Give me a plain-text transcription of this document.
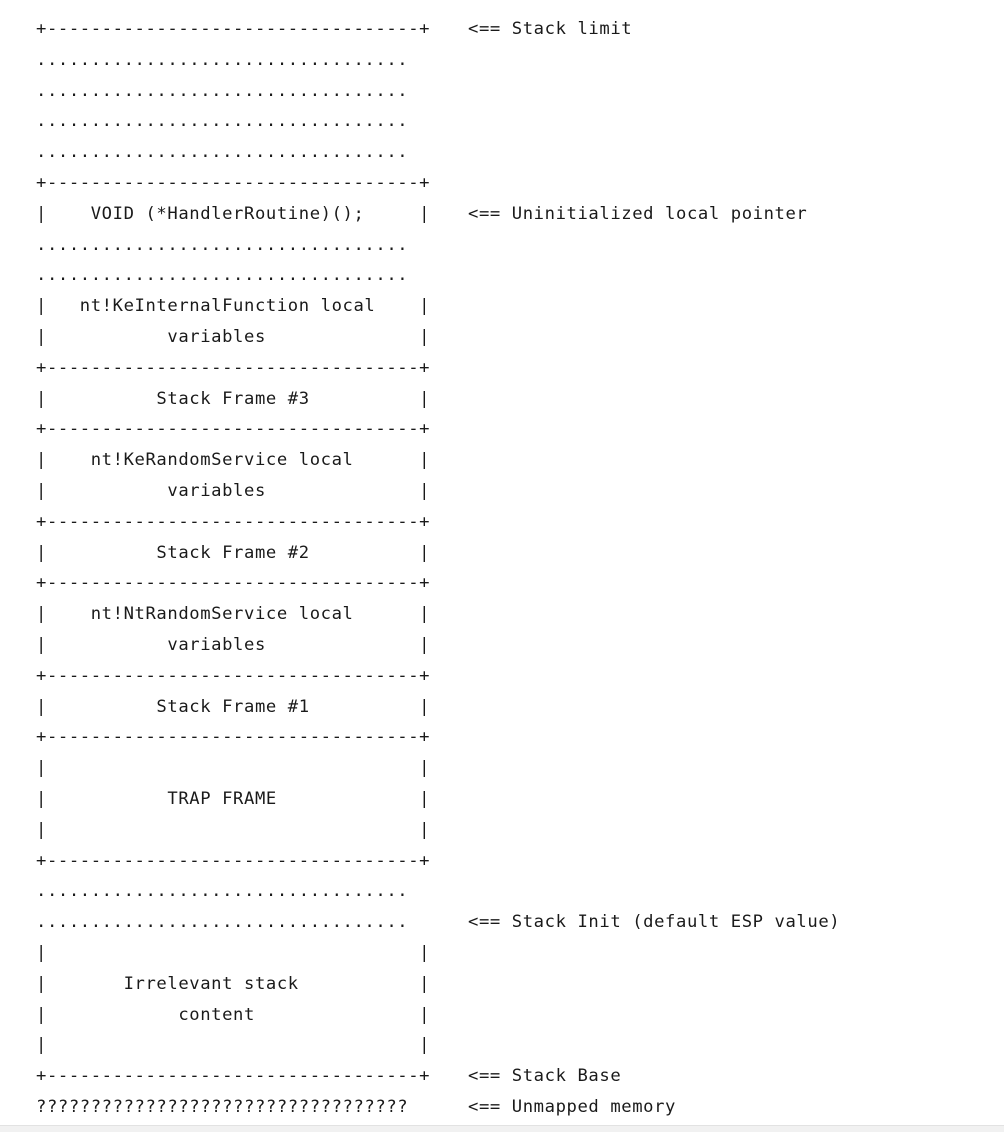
+----------------------------------+ <== Stack limit
..................................
..................................
..................................
..................................
+----------------------------------+
|    VOID (*HandlerRoutine)();     | <== Uninitialized local pointer
..................................
..................................
|   nt!KeInternalFunction local    |
|           variables              |
+----------------------------------+
|          Stack Frame #3          |
+----------------------------------+
|    nt!KeRandomService local      |
|           variables              |
+----------------------------------+
|          Stack Frame #2          |
+----------------------------------+
|    nt!NtRandomService local      |
|           variables              |
+----------------------------------+
|          Stack Frame #1          |
+----------------------------------+
|                                  |
|           TRAP FRAME             |
|                                  |
+----------------------------------+
..................................
..................................	<== Stack Init (default ESP value)
|                                  |
|       Irrelevant stack           |
|            content               |
|                                  |
+----------------------------------+ <== Stack Base
??????????????????????????????????	<== Unmapped memory
